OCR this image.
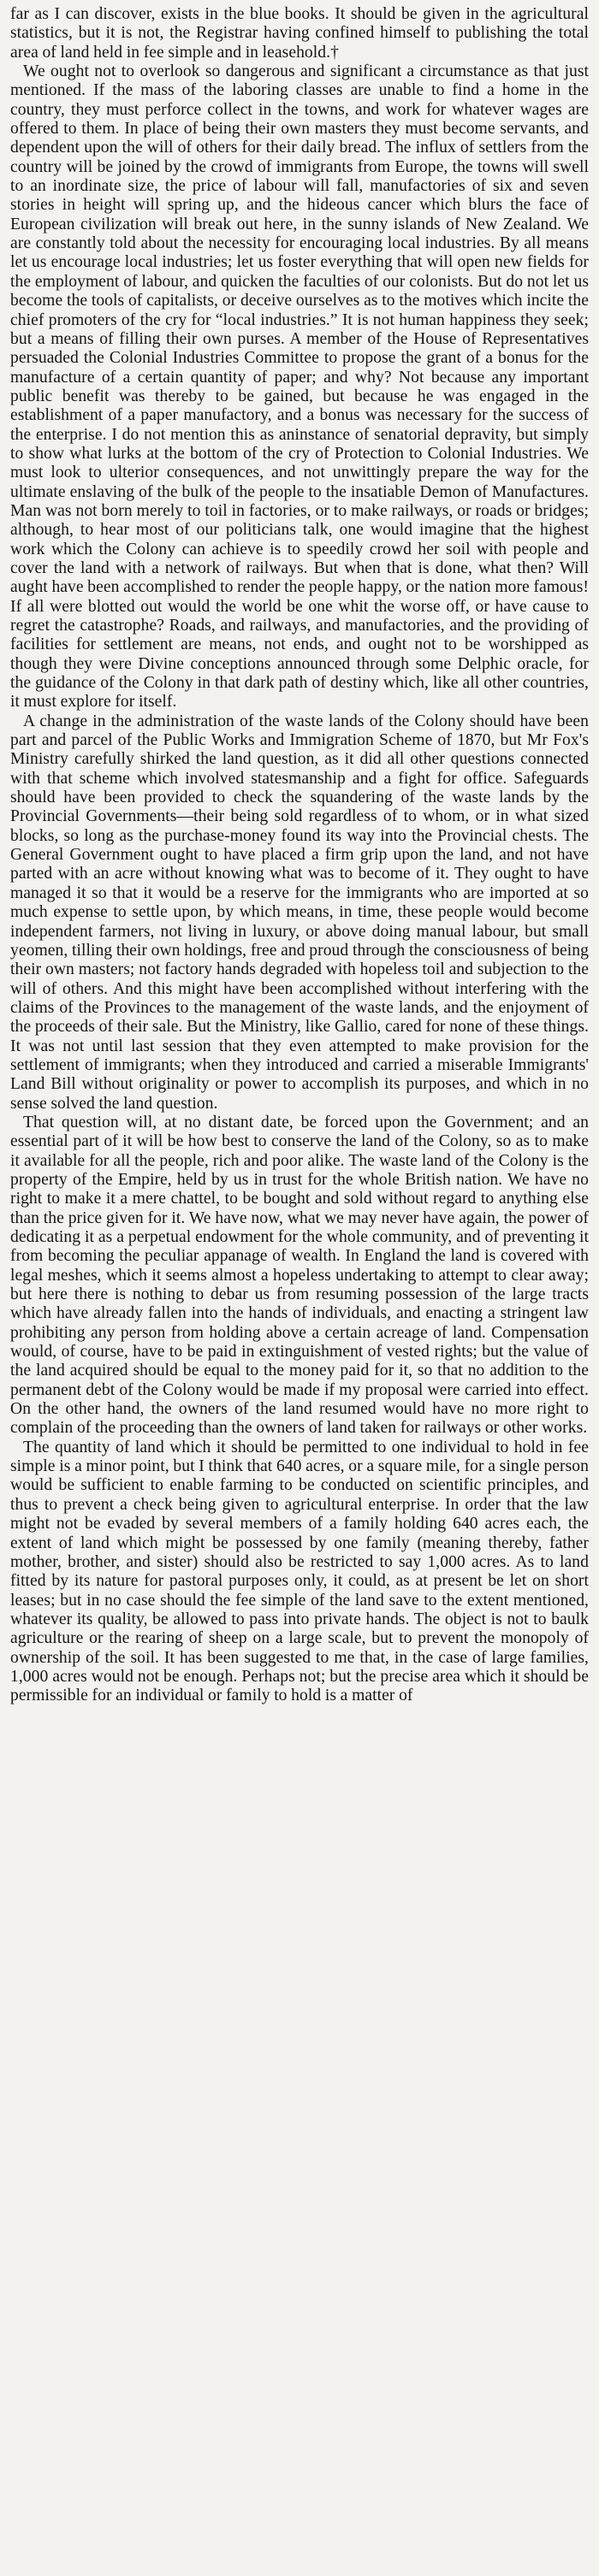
far as I can discover, exists in the blue books. It should be given in the agricultural statistics, but it is not, the Registrar having confined himself to publishing the total area of land held in fee simple and in leasehold.†

We ought not to overlook so dangerous and significant a circumstance as that just mentioned. If the mass of the laboring classes are unable to find a home in the country, they must perforce collect in the towns, and work for whatever wages are offered to them. In place of being their own masters they must become servants, and dependent upon the will of others for their daily bread. The influx of settlers from the country will be joined by the crowd of immigrants from Europe, the towns will swell to an inordinate size, the price of labour will fall, manufactories of six and seven stories in height will spring up, and the hideous cancer which blurs the face of European civilization will break out here, in the sunny islands of New Zealand. We are constantly told about the necessity for encouraging local industries. By all means let us encourage local industries; let us foster everything that will open new fields for the employment of labour, and quicken the faculties of our colonists. But do not let us become the tools of capitalists, or deceive ourselves as to the motives which incite the chief promoters of the cry for “local industries.” It is not human happiness they seek; but a means of filling their own purses. A member of the House of Representatives persuaded the Colonial Industries Committee to propose the grant of a bonus for the manufacture of a certain quantity of paper; and why? Not because any important public benefit was thereby to be gained, but because he was engaged in the establishment of a paper manufactory, and a bonus was necessary for the success of the enterprise. I do not mention this as aninstance of senatorial depravity, but simply to show what lurks at the bottom of the cry of Protection to Colonial Industries. We must look to ulterior consequences, and not unwittingly prepare the way for the ultimate enslaving of the bulk of the people to the insatiable Demon of Manufactures. Man was not born merely to toil in factories, or to make railways, or roads or bridges; although, to hear most of our politicians talk, one would imagine that the highest work which the Colony can achieve is to speedily crowd her soil with people and cover the land with a network of railways. But when that is done, what then? Will aught have been accomplished to render the people happy, or the nation more famous! If all were blotted out would the world be one whit the worse off, or have cause to regret the catastrophe? Roads, and railways, and manufactories, and the providing of facilities for settlement are means, not ends, and ought not to be worshipped as though they were Divine conceptions announced through some Delphic oracle, for the guidance of the Colony in that dark path of destiny which, like all other countries, it must explore for itself.

A change in the administration of the waste lands of the Colony should have been part and parcel of the Public Works and Immigration Scheme of 1870, but Mr Fox's Ministry carefully shirked the land question, as it did all other questions connected with that scheme which involved statesmanship and a fight for office. Safeguards should have been provided to check the squandering of the waste lands by the Provincial Governments—their being sold regardless of to whom, or in what sized blocks, so long as the purchase-money found its way into the Provincial chests. The General Government ought to have placed a firm grip upon the land, and not have parted with an acre without knowing what was to become of it. They ought to have managed it so that it would be a reserve for the immigrants who are imported at so much expense to settle upon, by which means, in time, these people would become independent farmers, not living in luxury, or above doing manual labour, but small yeomen, tilling their own holdings, free and proud through the consciousness of being their own masters; not factory hands degraded with hopeless toil and subjection to the will of others. And this might have been accomplished without interfering with the claims of the Provinces to the management of the waste lands, and the enjoyment of the proceeds of their sale. But the Ministry, like Gallio, cared for none of these things. It was not until last session that they even attempted to make provision for the settlement of immigrants; when they introduced and carried a miserable Immigrants' Land Bill without originality or power to accomplish its purposes, and which in no sense solved the land question.

That question will, at no distant date, be forced upon the Government; and an essential part of it will be how best to conserve the land of the Colony, so as to make it available for all the people, rich and poor alike. The waste land of the Colony is the property of the Empire, held by us in trust for the whole British nation. We have no right to make it a mere chattel, to be bought and sold without regard to anything else than the price given for it. We have now, what we may never have again, the power of dedicating it as a perpetual endowment for the whole community, and of preventing it from becoming the peculiar appanage of wealth. In England the land is covered with legal meshes, which it seems almost a hopeless undertaking to attempt to clear away; but here there is nothing to debar us from resuming possession of the large tracts which have already fallen into the hands of individuals, and enacting a stringent law prohibiting any person from holding above a certain acreage of land. Compensation would, of course, have to be paid in extinguishment of vested rights; but the value of the land acquired should be equal to the money paid for it, so that no addition to the permanent debt of the Colony would be made if my proposal were carried into effect. On the other hand, the owners of the land resumed would have no more right to complain of the proceeding than the owners of land taken for railways or other works.

The quantity of land which it should be permitted to one individual to hold in fee simple is a minor point, but I think that 640 acres, or a square mile, for a single person would be sufficient to enable farming to be conducted on scientific principles, and thus to prevent a check being given to agricultural enterprise. In order that the law might not be evaded by several members of a family holding 640 acres each, the extent of land which might be possessed by one family (meaning thereby, father mother, brother, and sister) should also be restricted to say 1,000 acres. As to land fitted by its nature for pastoral purposes only, it could, as at present be let on short leases; but in no case should the fee simple of the land save to the extent mentioned, whatever its quality, be allowed to pass into private hands. The object is not to baulk agriculture or the rearing of sheep on a large scale, but to prevent the monopoly of ownership of the soil. It has been suggested to me that, in the case of large families, 1,000 acres would not be enough. Perhaps not; but the precise area which it should be permissible for an individual or family to hold is a matter of
